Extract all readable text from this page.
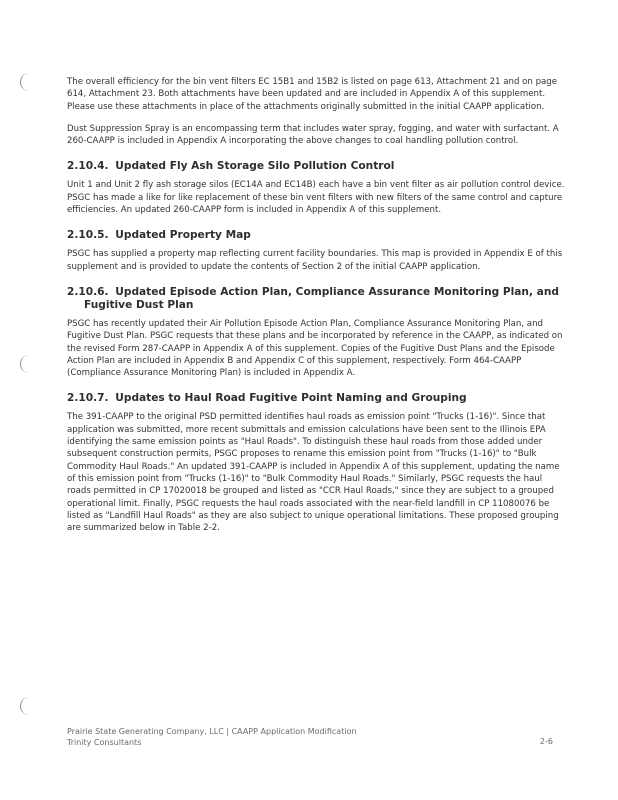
The overall efficiency for the bin vent filters EC 15B1 and 15B2 is listed on page 613, Attachment 21 and on page 614, Attachment 23. Both attachments have been updated and are included in Appendix A of this supplement. Please use these attachments in place of the attachments originally submitted in the initial CAAPP application.

Dust Suppression Spray is an encompassing term that includes water spray, fogging, and water with surfactant. A 260-CAAPP is included in Appendix A incorporating the above changes to coal handling pollution control.

2.10.4. Updated Fly Ash Storage Silo Pollution Control

Unit 1 and Unit 2 fly ash storage silos (EC14A and EC14B) each have a bin vent filter as air pollution control device. PSGC has made a like for like replacement of these bin vent filters with new filters of the same control and capture efficiencies. An updated 260-CAAPP form is included in Appendix A of this supplement.

2.10.5. Updated Property Map

PSGC has supplied a property map reflecting current facility boundaries. This map is provided in Appendix E of this supplement and is provided to update the contents of Section 2 of the initial CAAPP application.

2.10.6. Updated Episode Action Plan, Compliance Assurance Monitoring Plan, and Fugitive Dust Plan

PSGC has recently updated their Air Pollution Episode Action Plan, Compliance Assurance Monitoring Plan, and Fugitive Dust Plan. PSGC requests that these plans and be incorporated by reference in the CAAPP, as indicated on the revised Form 287-CAAPP in Appendix A of this supplement. Copies of the Fugitive Dust Plans and the Episode Action Plan are included in Appendix B and Appendix C of this supplement, respectively. Form 464-CAAPP (Compliance Assurance Monitoring Plan) is included in Appendix A.

2.10.7. Updates to Haul Road Fugitive Point Naming and Grouping

The 391-CAAPP to the original PSD permitted identifies haul roads as emission point "Trucks (1-16)". Since that application was submitted, more recent submittals and emission calculations have been sent to the Illinois EPA identifying the same emission points as "Haul Roads". To distinguish these haul roads from those added under subsequent construction permits, PSGC proposes to rename this emission point from "Trucks (1-16)" to "Bulk Commodity Haul Roads." An updated 391-CAAPP is included in Appendix A of this supplement, updating the name of this emission point from "Trucks (1-16)" to "Bulk Commodity Haul Roads." Similarly, PSGC requests the haul roads permitted in CP 17020018 be grouped and listed as "CCR Haul Roads," since they are subject to a grouped operational limit. Finally, PSGC requests the haul roads associated with the near-field landfill in CP 11080076 be listed as "Landfill Haul Roads" as they are also subject to unique operational limitations. These proposed grouping are summarized below in Table 2-2.

Prairie State Generating Company, LLC | CAAPP Application Modification
Trinity Consultants	2-6
